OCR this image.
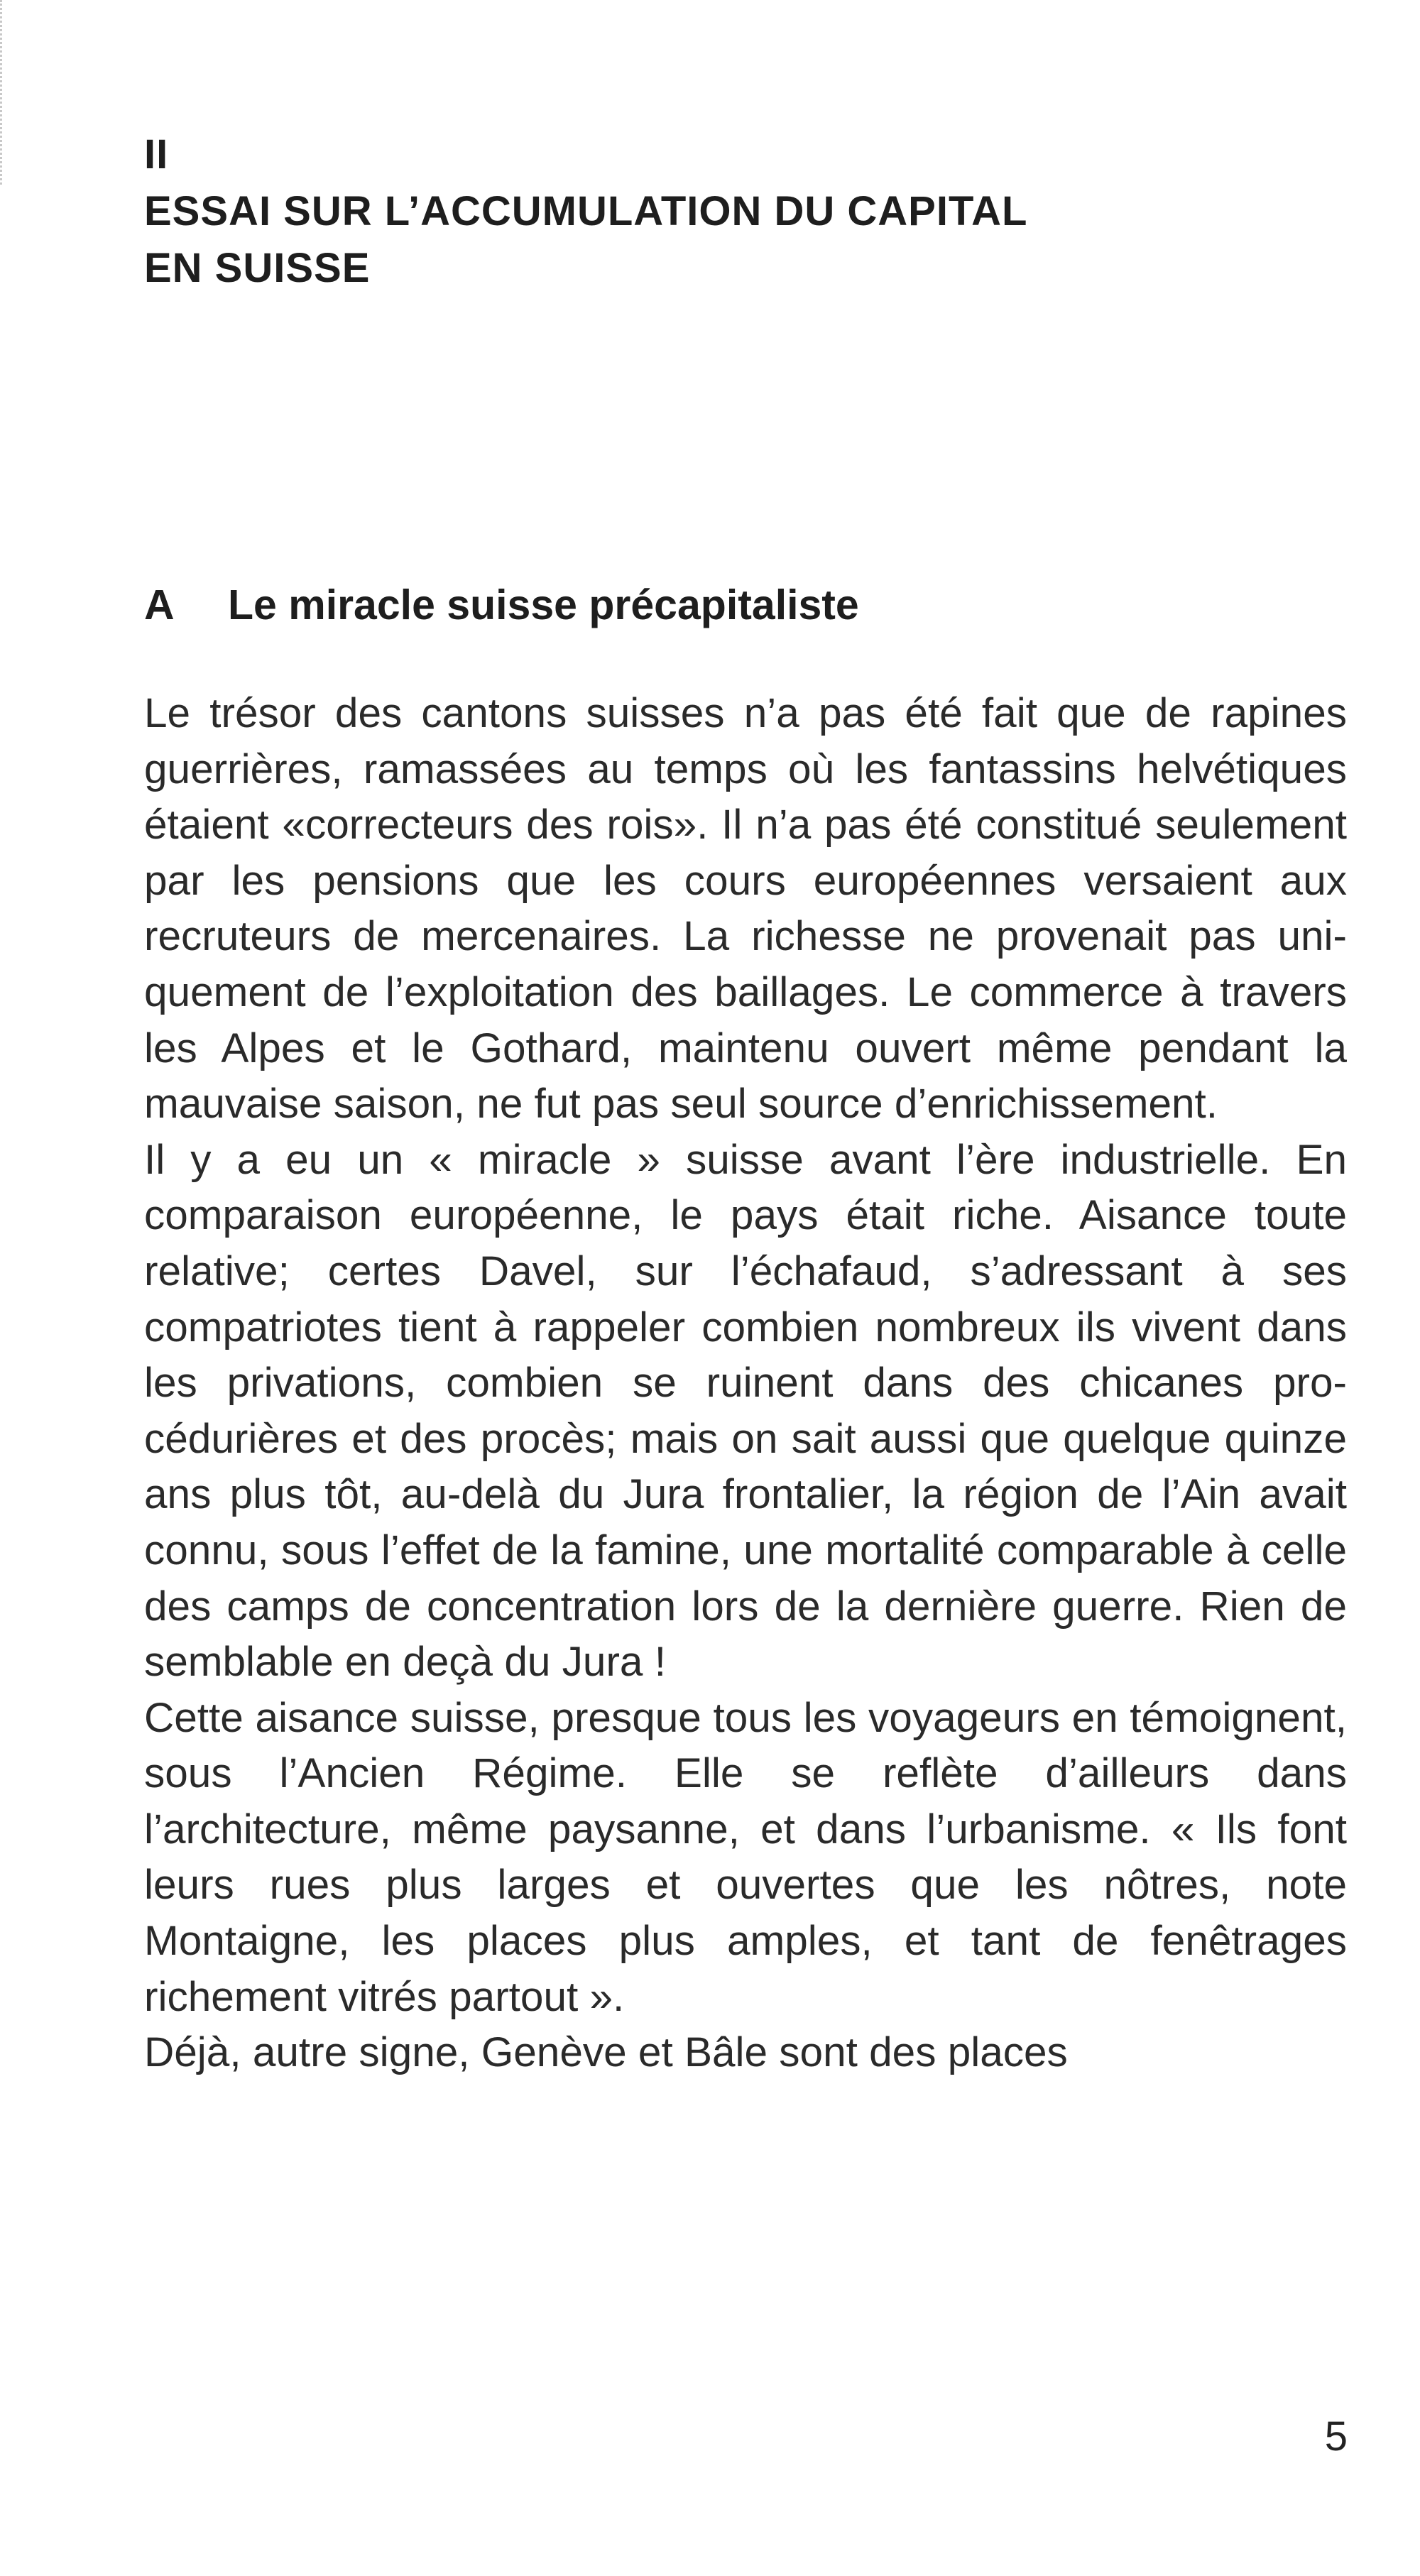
II
ESSAI SUR L’ACCUMULATION DU CAPITAL
EN SUISSE
A Le miracle suisse précapitaliste
Le trésor des cantons suisses n’a pas été fait que de rapines guerrières, ramassées au temps où les fantassins helvétiques étaient «correcteurs des rois». Il n’a pas été constitué seulement par les pensions que les cours européennes versaient aux recruteurs de mercenaires. La richesse ne provenait pas uniquement de l’exploitation des baillages. Le commerce à travers les Alpes et le Gothard, maintenu ouvert même pendant la mauvaise saison, ne fut pas seul source d’enrichissement.
Il y a eu un « miracle » suisse avant l’ère industrielle. En comparaison européenne, le pays était riche. Aisance toute relative; certes Davel, sur l’échafaud, s’adressant à ses compatriotes tient à rappeler combien nombreux ils vivent dans les privations, combien se ruinent dans des chicanes procédurières et des procès; mais on sait aussi que quelque quinze ans plus tôt, au-delà du Jura frontalier, la région de l’Ain avait connu, sous l’effet de la famine, une mortalité comparable à celle des camps de concentration lors de la dernière guerre. Rien de semblable en deçà du Jura !
Cette aisance suisse, presque tous les voyageurs en témoignent, sous l’Ancien Régime. Elle se reflète d’ailleurs dans l’architecture, même paysanne, et dans l’urbanisme. « Ils font leurs rues plus larges et ouvertes que les nôtres, note Montaigne, les places plus amples, et tant de fenêtrages richement vitrés partout ».
Déjà, autre signe, Genève et Bâle sont des places
5
